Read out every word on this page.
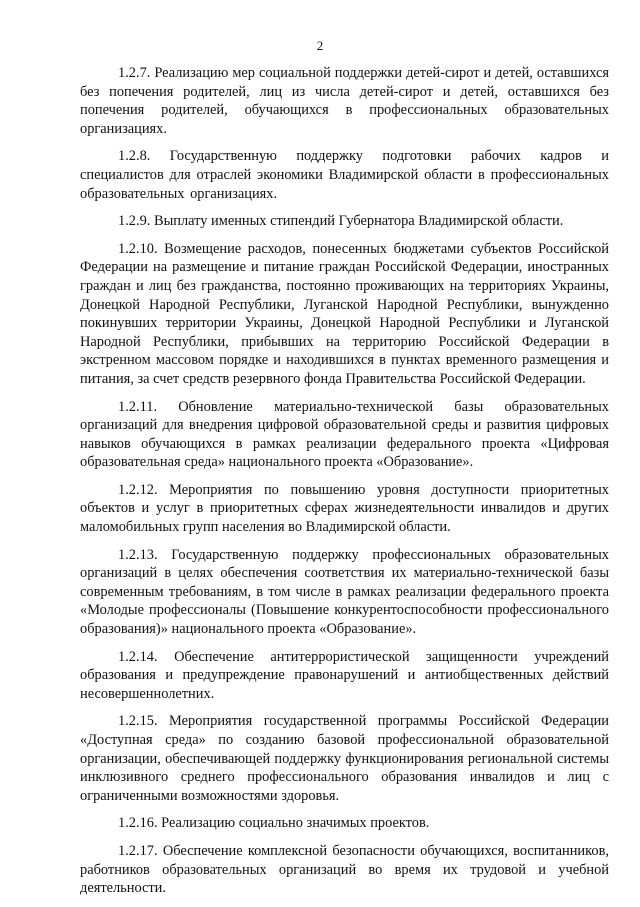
2

1.2.7. Реализацию мер социальной поддержки детей-сирот и детей, оставшихся без попечения родителей, лиц из числа детей-сирот и детей, оставшихся без попечения родителей, обучающихся в профессиональных образовательных организациях.

1.2.8. Государственную поддержку подготовки рабочих кадров и специалистов для отраслей экономики Владимирской области в профессиональных образовательных организациях.

1.2.9. Выплату именных стипендий Губернатора Владимирской области.

1.2.10. Возмещение расходов, понесенных бюджетами субъектов Российской Федерации на размещение и питание граждан Российской Федерации, иностранных граждан и лиц без гражданства, постоянно проживающих на территориях Украины, Донецкой Народной Республики, Луганской Народной Республики, вынужденно покинувших территории Украины, Донецкой Народной Республики и Луганской Народной Республики, прибывших на территорию Российской Федерации в экстренном массовом порядке и находившихся в пунктах временного размещения и питания, за счет средств резервного фонда Правительства Российской Федерации.

1.2.11. Обновление материально-технической базы образовательных организаций для внедрения цифровой образовательной среды и развития цифровых навыков обучающихся в рамках реализации федерального проекта «Цифровая образовательная среда» национального проекта «Образование».

1.2.12. Мероприятия по повышению уровня доступности приоритетных объектов и услуг в приоритетных сферах жизнедеятельности инвалидов и других маломобильных групп населения во Владимирской области.

1.2.13. Государственную поддержку профессиональных образовательных организаций в целях обеспечения соответствия их материально-технической базы современным требованиям, в том числе в рамках реализации федерального проекта «Молодые профессионалы (Повышение конкурентоспособности профессионального образования)» национального проекта «Образование».

1.2.14. Обеспечение антитеррористической защищенности учреждений образования и предупреждение правонарушений и антиобщественных действий несовершеннолетних.

1.2.15. Мероприятия государственной программы Российской Федерации «Доступная среда» по созданию базовой профессиональной образовательной организации, обеспечивающей поддержку функционирования региональной системы инклюзивного среднего профессионального образования инвалидов и лиц с ограниченными возможностями здоровья.

1.2.16. Реализацию социально значимых проектов.

1.2.17. Обеспечение комплексной безопасности обучающихся, воспитанников, работников образовательных организаций во время их трудовой и учебной деятельности.
